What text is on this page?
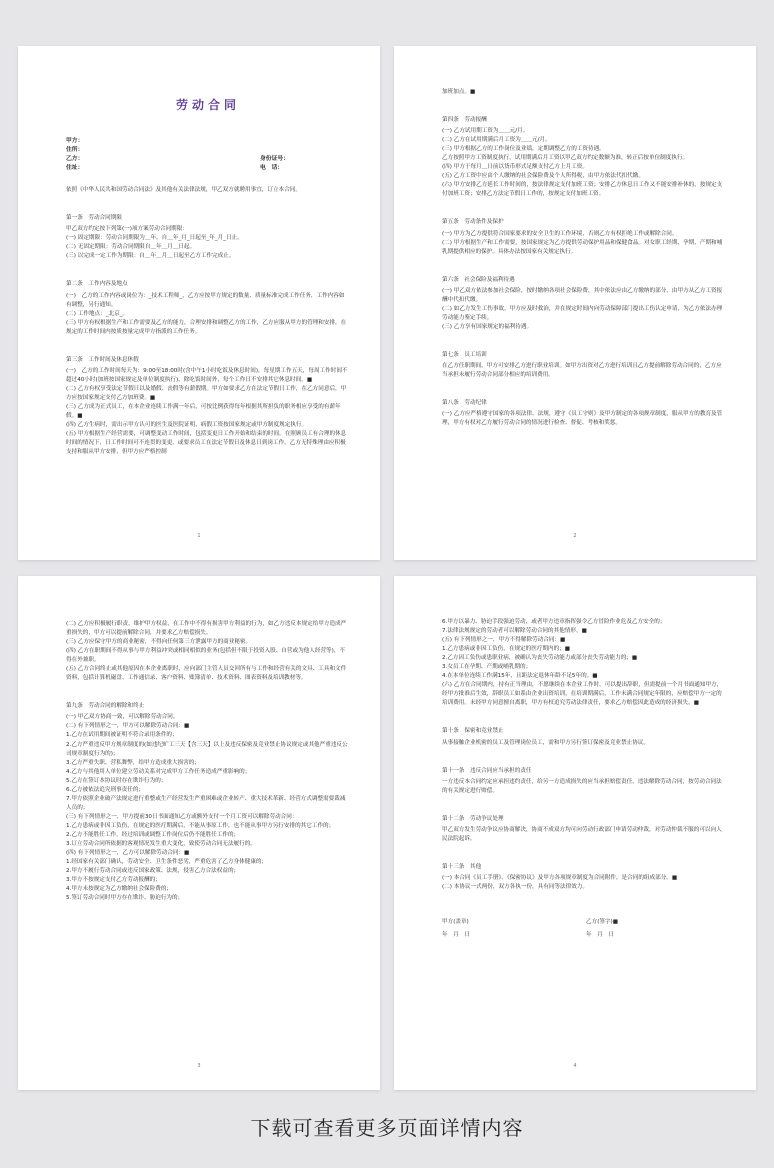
劳动合同
甲方：
住所：
乙方：	身份证号：
住址：	电　话：

依照《中华人民共和国劳动合同法》及其他有关法律法规，甲乙双方就聘用事宜，订立本合同。

第一条　劳动合同期限

甲乙双方约定按下列第(一)项方案劳动合同期限：

(一) 固定期限：劳动合同期限为＿年，自＿年_月_日起至_年_月_日止。

(二) 无固定期限：劳动合同期限自＿年＿月＿日起。

(三) 以完成一定工作为期限：自＿年＿月＿日起至乙方工作完成止。

第二条　工作内容及地点

(一)　乙方的工作内容或岗位为：_技术工程师_，乙方应按甲方规定的数量、质量标准完成工作任务，工作内容如有调整，另行通知。

(二) 工作地点：_北京_。

(三) 甲方有权根据生产和工作需要及乙方的能力，合理安排和调整乙方的工作，乙方应服从甲方的管理和安排，在规定的工作时间内按质按量完成甲方指派的工作任务。

第三条　工作时间及休息休假

(一)　乙方的工作时间每天为：9:00至18:00时(含中午1小时吃饭及休息时间)，每星期工作五天，每周工作时间不超过40小时(加班按国家规定及单位制度执行)，除吃饭时间外，每个工作日不安排其它休息时间。■

(二) 乙方有权享受法定节假日以及婚假、丧假等有薪假期。甲方如要求乙方在法定节假日工作，在乙方同意后，甲方应按国家规定支付乙方加班费。■

(三) 乙方成为正式员工，在本企业连续工作满一年后，可按比例获得每年根据其所担负的职务相应享受的有薪年假。■

(四) 乙方生病时，需出示甲方认可的医生及医院证明，病假工资按国家规定或甲方制度规定执行。

(五) 甲方根据生产经营需要，可调整变动工作时间，包括变更日工作开始和结束的时间，在照顾员工有合理的休息时间的情况下，日工作时间可不连贯的变更，或要求员工在法定节假日及休息日到岗工作，乙方无特殊理由应积极支持和服从甲方安排，但甲方应严格控制

1

加班加点。■

第四条　劳动报酬

(一) 乙方试用期工资为＿＿元/月。

(二) 乙方在试用期满后月工资为＿＿元/月。

(三) 甲方根据乙方的工作岗位及业绩，定期调整乙方的工资待遇。

乙方按照甲方工资制度执行，试用期满后月工资以甲乙双方约定数额为准，转正后按单位制度执行。

(四) 甲方于每月＿日前以货币形式足额支付乙方上月工资。

(五) 乙方工资中应由个人缴纳的社会保险费及个人所得税，由甲方依法代扣代缴。

(六) 甲方安排乙方延长工作时间的，按法律规定支付加班工资；安排乙方休息日工作又不能安排补休的，按规定支付加班工资；安排乙方法定节假日工作的，按规定支付加班工资。

第五条　劳动条件及保护

(一) 甲方为乙方提供符合国家要求的安全卫生的工作环境，否则乙方有权拒绝工作或解除合同。

(二) 甲方根据生产和工作需要，按国家规定为乙方提供劳动保护用品和保健食品。对女职工经期、孕期、产期和哺乳期提供相应的保护。具体办法按国家有关规定执行。

第六条　社会保险及福利待遇

(一) 甲乙双方依法参加社会保险，按时缴纳各项社会保险费，其中依法应由乙方缴纳的部分，由甲方从乙方工资报酬中代扣代缴。

(二) 如乙方发生工伤事故，甲方应及时救治，并在规定时间内向劳动保障部门提出工伤认定申请，为乙方依法办理劳动能力鉴定手续。

(三) 乙方享有国家规定的福利待遇。

第七条　员工培训

在乙方任职期间，甲方可安排乙方进行职业培训。如甲方出资对乙方进行培训且乙方提前解除劳动合同的，乙方应当承担未履行劳动合同部分相应的培训费用。

第八条　劳动纪律

(一) 乙方应严格遵守国家的各项法律、法规，遵守《员工守则》及甲方制定的各项规章制度，服从甲方的教育及管理，甲方有权对乙方履行劳动合同的情况进行检查、督促、考核和奖惩。

2

(二) 乙方应积极履行职责，维护甲方权益，在工作中不得有损害甲方利益的行为，如乙方违反本规定给甲方造成严重损失的，甲方可以提前解除合同，并要求乙方赔偿损失。

(三) 乙方应保守甲方的商业秘密，不得向任何第三方泄露甲方的商业秘密。

(四) 乙方在职期间不得从事与甲方利益冲突或相同相似的业务(包括但不限于投资入股、自营或为他人经营等)，不得在外兼职。

(五) 乙方合同终止或其他原因在本企业离职时，应向部门主管人员交回所有与工作和经营有关的文具、工具和文件资料，包括计算机磁盘、工作通信录、客户资料、账簿清单、技术资料、图表资料及培训教材等。

第九条　劳动合同的解除和终止

(一) 甲乙双方协商一致，可以解除劳动合同。

(二) 有下列情形之一，甲方可以解除劳动合同：■

1.乙方在试用期间被证明不符合录用条件的；

2.乙方严重违反甲方规章制度的(如违纪旷工三天【含三天】以上及违反保密及竞业禁止协议规定或其他严重违反公司规章制度行为的)；

3.乙方严重失职、营私舞弊，给甲方造成重大损害的；

4.乙方与其他用人单位建立劳动关系对完成甲方工作任务造成严重影响的；

5.乙方在签订本协议时存在欺诈行为的；

6.乙方被依法追究刑事责任的；

7.甲方依照企业破产法规定进行重整或生产经营发生严重困难或企业转产、重大技术革新、经营方式调整需要裁减人员的；

(三) 有下列情形之一，甲方提前30日书面通知乙方或额外支付一个月工资可以解除劳动合同：

1.乙方患病或非因工负伤，在规定的医疗期满后，不能从事原工作，也不能从事甲方另行安排的其它工作的；

2.乙方不能胜任工作，经过培训或调整工作岗位后仍不能胜任工作的；

3.订立劳动合同所依据的客观情况发生重大变化，致使劳动合同无法履行的。

(四) 有下列情形之一，乙方可以解除劳动合同：■

1.经国家有关部门确认，劳动安全、卫生条件恶劣，严重危害了乙方身体健康的；

2.甲方不履行劳动合同或违反国家政策、法规，侵害乙方合法权益的；

3.甲方不按规定支付乙方劳动报酬的；

4.甲方未按规定为乙方缴纳社会保险费的；

5.签订劳动合同时甲方存在欺诈、胁迫行为的；

3

6.甲方以暴力、胁迫手段强迫劳动，或者甲方违章指挥强令乙方冒险作业危及乙方安全的；

7.法律法规规定的劳动者可以解除劳动合同的其他情形。■

(五) 有下列情形之一，甲方不得解除劳动合同：■

1.乙方患病或非因工负伤，在规定的医疗期内的；■

2.乙方因工负伤或患职业病，被确认为丧失劳动能力或部分丧失劳动能力的；■

3.女员工在孕期、产期或哺乳期的；

4.在本单位连续工作满15年，且距法定退休年龄不足5年的。■

(六) 乙方在合同期内，持有正当理由，不愿继续在本企业工作时，可以提出辞职，但需提前一个月书面通知甲方，经甲方批准后生效，辞职员工如系由企业出资培训，在培训期满后，工作未满合同规定年限的，应赔偿甲方一定的培训费用。未经甲方同意擅自离职，甲方有权追究劳动法律责任，要求乙方赔偿因此造成的经济损失。■

第十条　保密和竞业禁止

从事接触企业机密的员工及管理岗位员工，需和甲方另行签订保密及竞业禁止协议。

第十一条　违反合同应当承担的责任

一方违反本合同约定应承担违约责任，给另一方造成损失的应当承担赔偿责任，违法解除劳动合同，按劳动合同法的有关规定进行赔偿。

第十二条　劳动争议处理

甲乙双方发生劳动争议应协商解决，协商不成双方均可向劳动行政部门申请劳动仲裁，对劳动仲裁不服的可以向人民法院起诉。

第十三条　其他

(一) 本合同《员工手册》、《保密协议》及甲方各项规章制度为合同附件，是合同的组成部分。■

(二) 本协议一式两份，双方各执一份，具有同等法律效力。

甲方(盖章)	乙方(签字)■
年　月　日	年　月　日
4
下载可查看更多页面详情内容
